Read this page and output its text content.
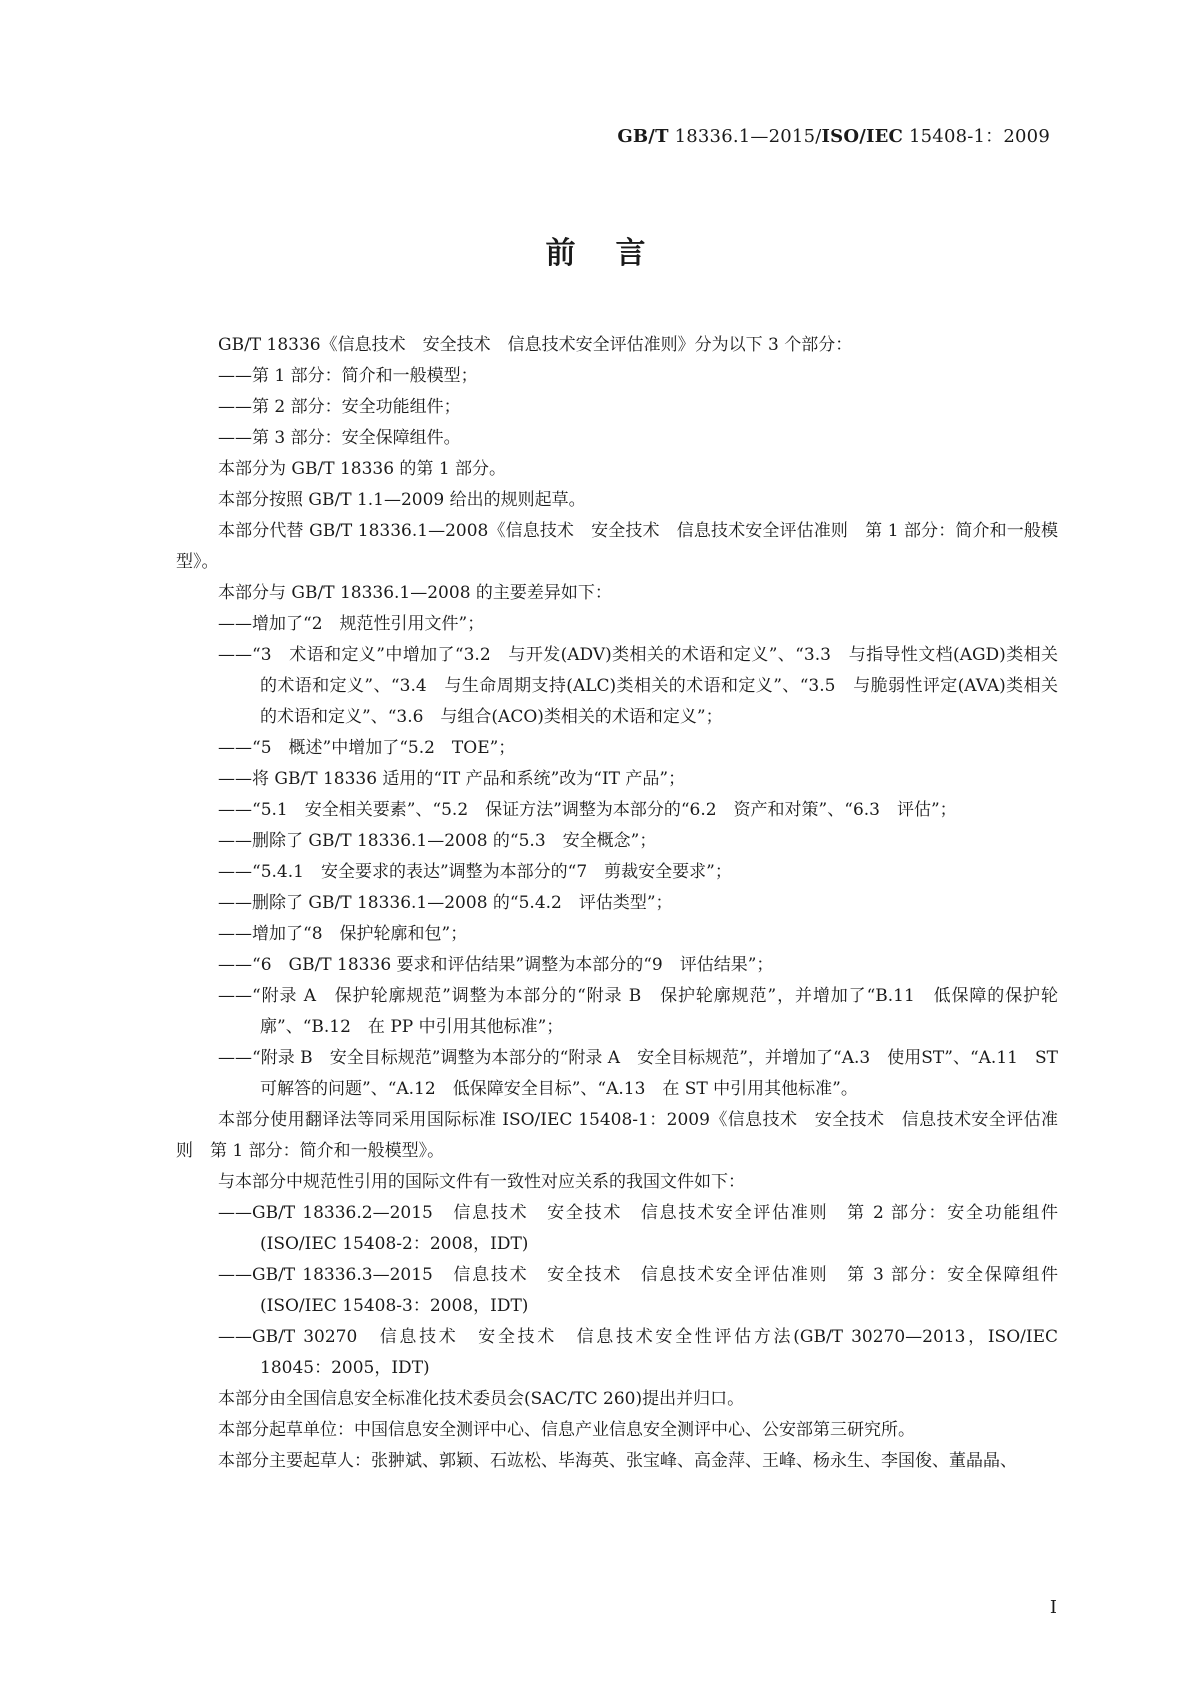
GB/T 18336.1—2015/ISO/IEC 15408-1：2009
前言

GB/T 18336《信息技术　安全技术　信息技术安全评估准则》分为以下 3 个部分：

——第 1 部分：简介和一般模型；

——第 2 部分：安全功能组件；

——第 3 部分：安全保障组件。

本部分为 GB/T 18336 的第 1 部分。

本部分按照 GB/T 1.1—2009 给出的规则起草。

本部分代替 GB/T 18336.1—2008《信息技术　安全技术　信息技术安全评估准则　第 1 部分：简介和一般模型》。

本部分与 GB/T 18336.1—2008 的主要差异如下：

——增加了“2　规范性引用文件”；

——“3　术语和定义”中增加了“3.2　与开发(ADV)类相关的术语和定义”、“3.3　与指导性文档(AGD)类相关的术语和定义”、“3.4　与生命周期支持(ALC)类相关的术语和定义”、“3.5　与脆弱性评定(AVA)类相关的术语和定义”、“3.6　与组合(ACO)类相关的术语和定义”；

——“5　概述”中增加了“5.2　TOE”；

——将 GB/T 18336 适用的“IT 产品和系统”改为“IT 产品”；

——“5.1　安全相关要素”、“5.2　保证方法”调整为本部分的“6.2　资产和对策”、“6.3　评估”；

——删除了 GB/T 18336.1—2008 的“5.3　安全概念”；

——“5.4.1　安全要求的表达”调整为本部分的“7　剪裁安全要求”；

——删除了 GB/T 18336.1—2008 的“5.4.2　评估类型”；

——增加了“8　保护轮廓和包”；

——“6　GB/T 18336 要求和评估结果”调整为本部分的“9　评估结果”；

——“附录 A　保护轮廓规范”调整为本部分的“附录 B　保护轮廓规范”，并增加了“B.11　低保障的保护轮廓”、“B.12　在 PP 中引用其他标准”；

——“附录 B　安全目标规范”调整为本部分的“附录 A　安全目标规范”，并增加了“A.3　使用ST”、“A.11　ST 可解答的问题”、“A.12　低保障安全目标”、“A.13　在 ST 中引用其他标准”。

本部分使用翻译法等同采用国际标准 ISO/IEC 15408-1：2009《信息技术　安全技术　信息技术安全评估准则　第 1 部分：简介和一般模型》。

与本部分中规范性引用的国际文件有一致性对应关系的我国文件如下：

——GB/T 18336.2—2015　信息技术　安全技术　信息技术安全评估准则　第 2 部分：安全功能组件(ISO/IEC 15408-2：2008，IDT)

——GB/T 18336.3—2015　信息技术　安全技术　信息技术安全评估准则　第 3 部分：安全保障组件(ISO/IEC 15408-3：2008，IDT)

——GB/T 30270　信息技术　安全技术　信息技术安全性评估方法(GB/T 30270—2013，ISO/IEC 18045：2005，IDT)

本部分由全国信息安全标准化技术委员会(SAC/TC 260)提出并归口。

本部分起草单位：中国信息安全测评中心、信息产业信息安全测评中心、公安部第三研究所。

本部分主要起草人：张翀斌、郭颖、石竑松、毕海英、张宝峰、高金萍、王峰、杨永生、李国俊、董晶晶、

I
